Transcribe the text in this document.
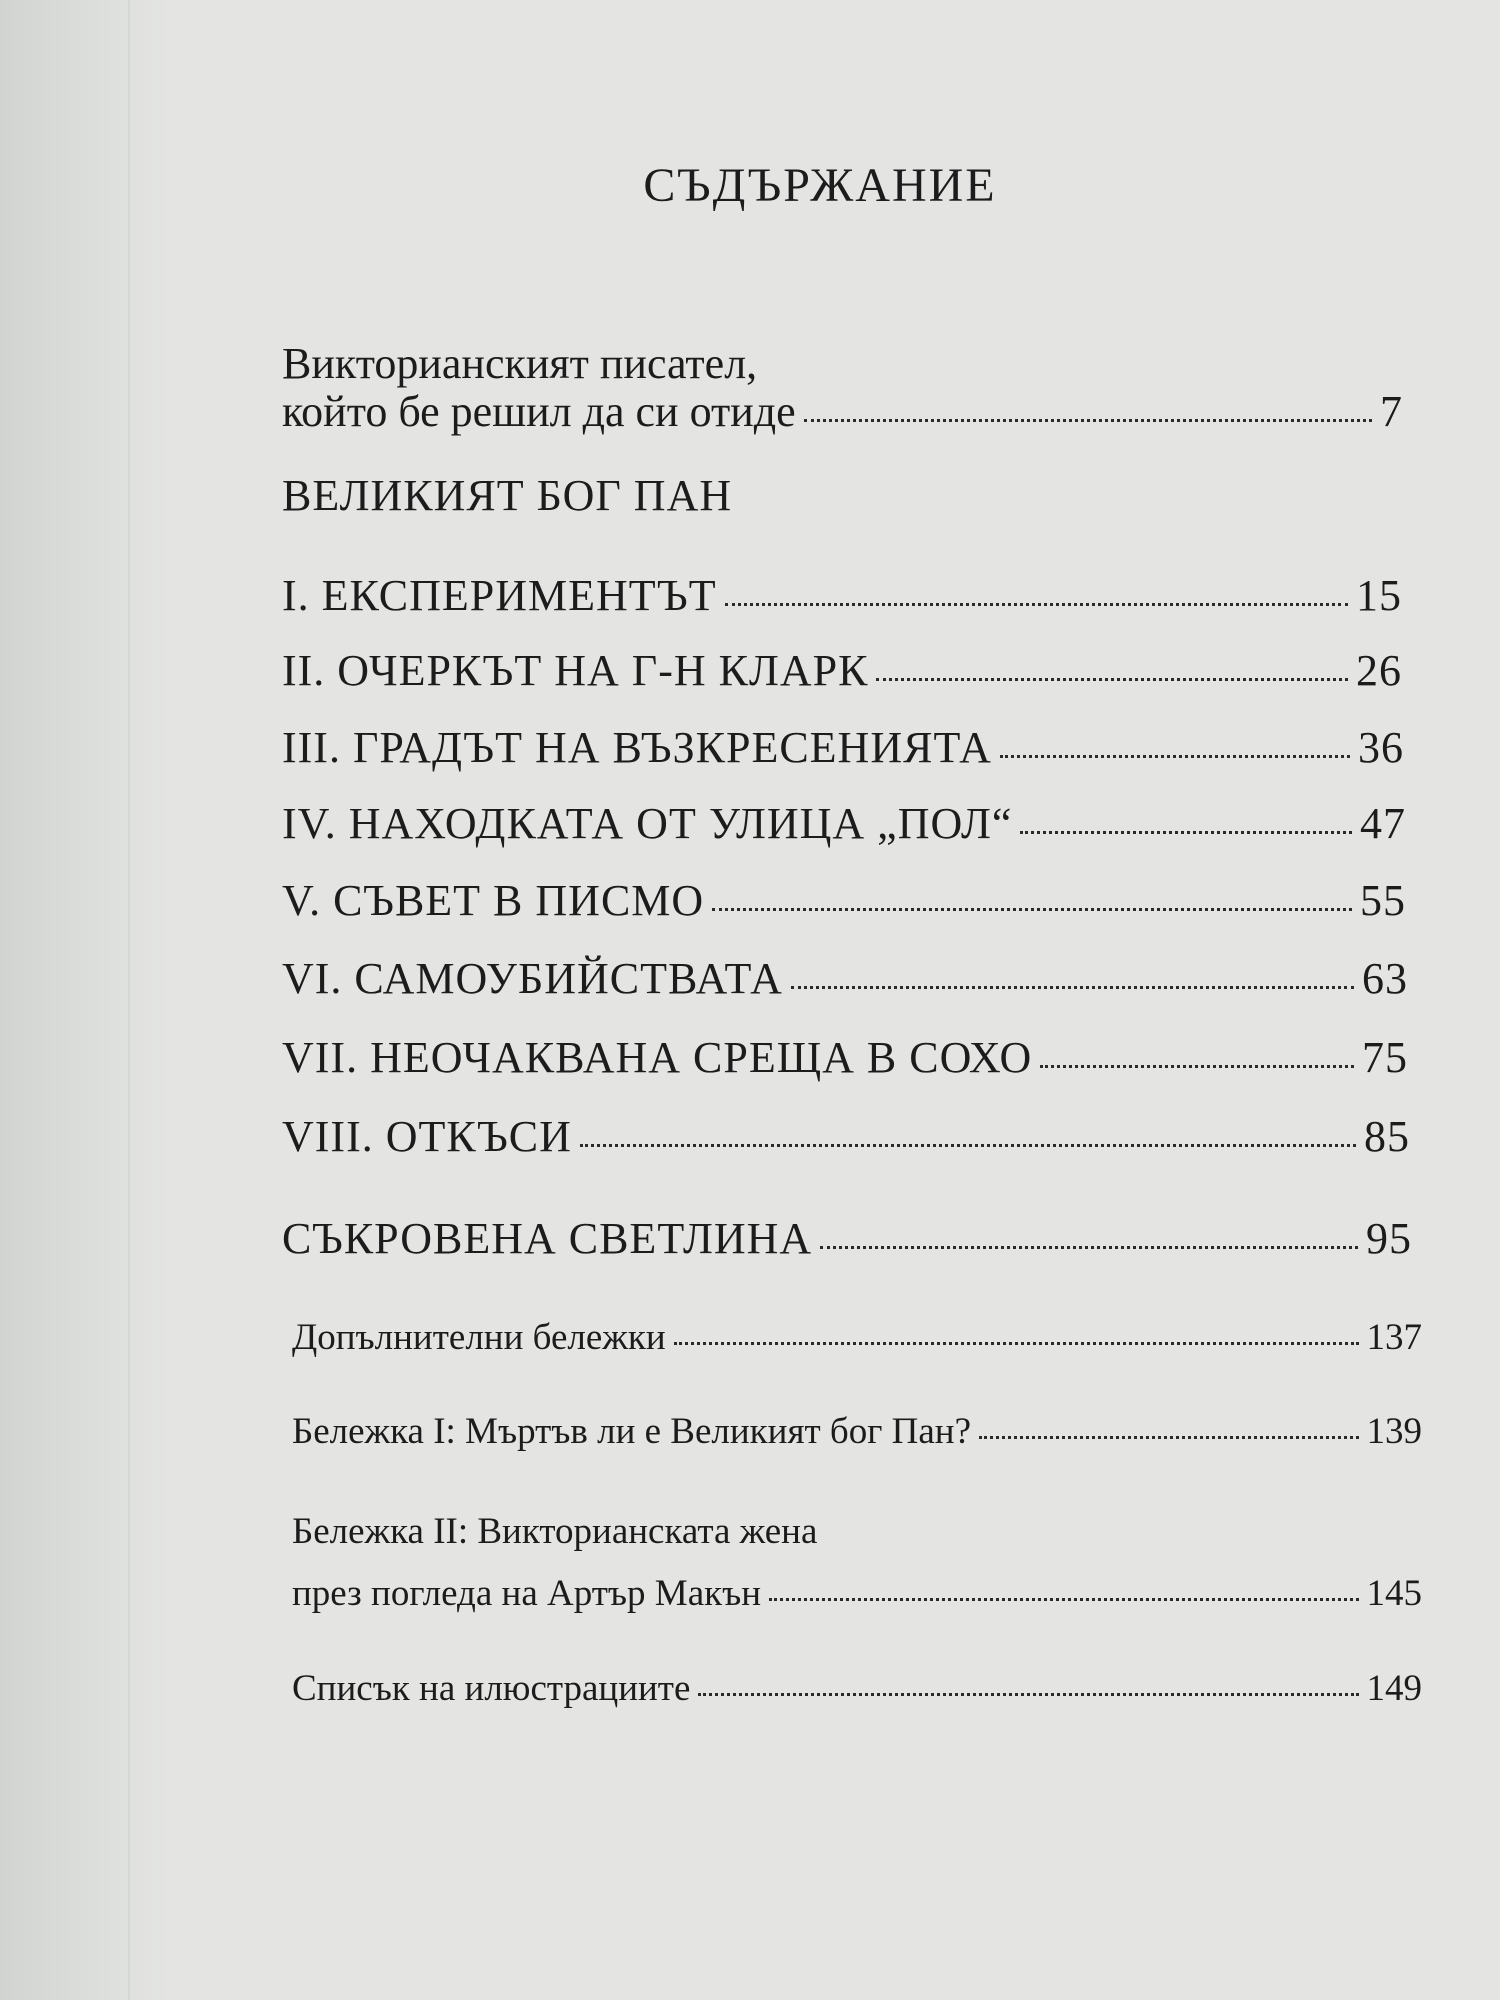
СЪДЪРЖАНИЕ
Викторианският писател,
който бе решил да си отиде	7
ВЕЛИКИЯТ БОГ ПАН
I. ЕКСПЕРИМЕНТЪТ	15
II. ОЧЕРКЪТ НА Г-Н КЛАРК	26
III. ГРАДЪТ НА ВЪЗКРЕСЕНИЯТА	36
IV. НАХОДКАТА ОТ УЛИЦА „ПОЛ“	47
V. СЪВЕТ В ПИСМО	55
VI. САМОУБИЙСТВАТА	63
VII. НЕОЧАКВАНА СРЕЩА В СОХО	75
VIII. ОТКЪСИ	85
СЪКРОВЕНА СВЕТЛИНА	95
Допълнителни бележки	137
Бележка I: Мъртъв ли е Великият бог Пан?	139
Бележка II: Викторианската жена
през погледа на Артър Макън	145
Списък на илюстрациите	149
